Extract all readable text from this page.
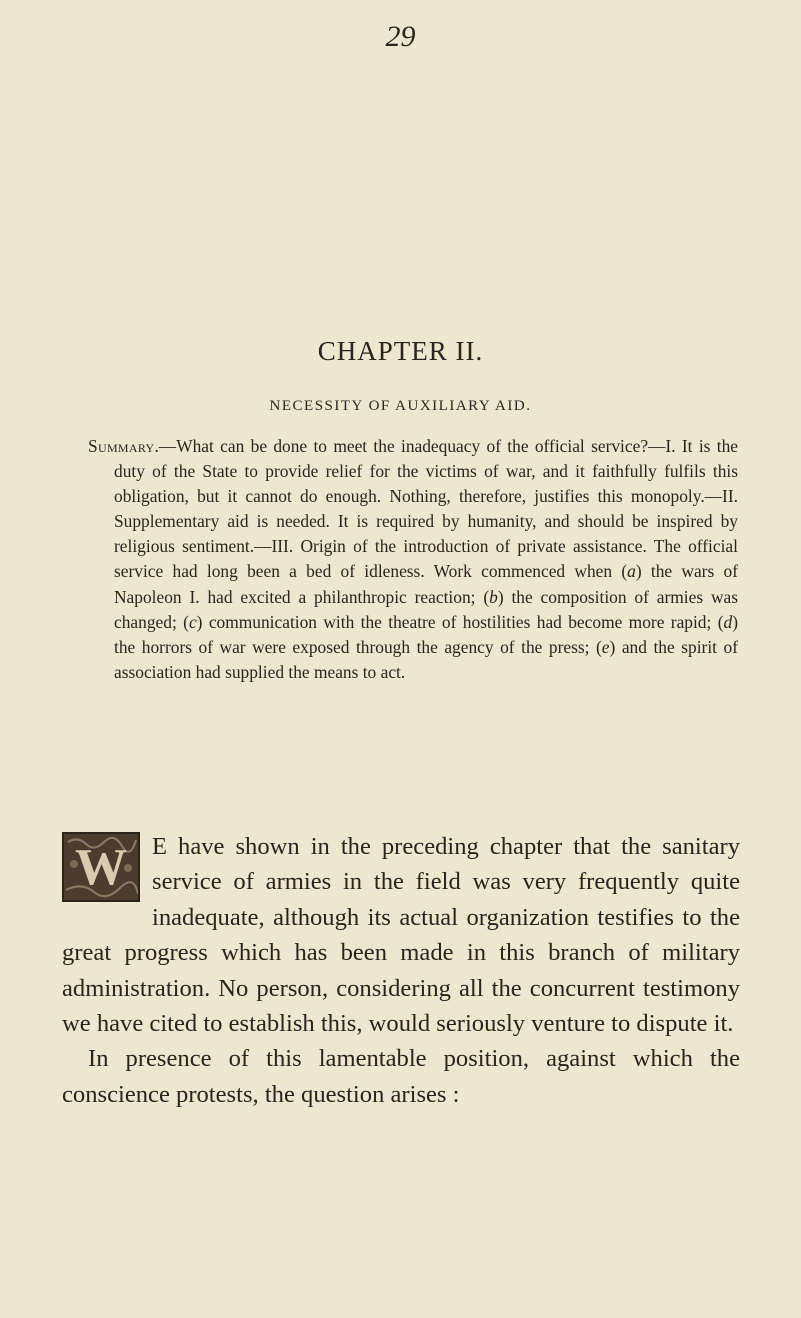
29
CHAPTER II.
NECESSITY OF AUXILIARY AID.
Summary.—What can be done to meet the inadequacy of the official service?—I. It is the duty of the State to provide relief for the victims of war, and it faithfully fulfils this obligation, but it cannot do enough. Nothing, therefore, justifies this monopoly.—II. Supplementary aid is needed. It is required by humanity, and should be inspired by religious sentiment.—III. Origin of the introduction of private assistance. The official service had long been a bed of idleness. Work commenced when (a) the wars of Napoleon I. had excited a philanthropic reaction; (b) the composition of armies was changed; (c) communication with the theatre of hostilities had become more rapid; (d) the horrors of war were exposed through the agency of the press; (e) and the spirit of association had supplied the means to act.

W E have shown in the preceding chapter that the sanitary service of armies in the field was very frequently quite inadequate, although its actual organization testifies to the great progress which has been made in this branch of military administration. No person, considering all the concurrent testimony we have cited to establish this, would seriously venture to dispute it.

In presence of this lamentable position, against which the conscience protests, the question arises :
